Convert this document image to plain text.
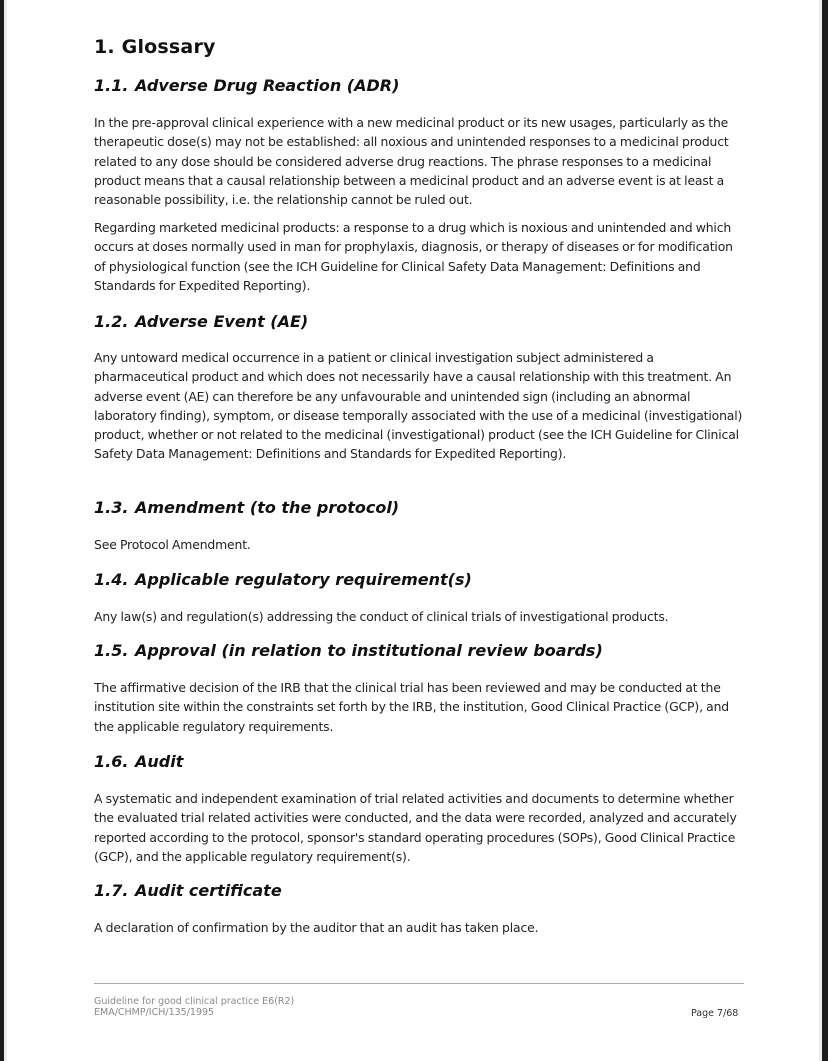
1. Glossary
1.1. Adverse Drug Reaction (ADR)
In the pre-approval clinical experience with a new medicinal product or its new usages, particularly as the therapeutic dose(s) may not be established: all noxious and unintended responses to a medicinal product related to any dose should be considered adverse drug reactions. The phrase responses to a medicinal product means that a causal relationship between a medicinal product and an adverse event is at least a reasonable possibility, i.e. the relationship cannot be ruled out.
Regarding marketed medicinal products: a response to a drug which is noxious and unintended and which occurs at doses normally used in man for prophylaxis, diagnosis, or therapy of diseases or for modification of physiological function (see the ICH Guideline for Clinical Safety Data Management: Definitions and Standards for Expedited Reporting).
1.2. Adverse Event (AE)
Any untoward medical occurrence in a patient or clinical investigation subject administered a pharmaceutical product and which does not necessarily have a causal relationship with this treatment. An adverse event (AE) can therefore be any unfavourable and unintended sign (including an abnormal laboratory finding), symptom, or disease temporally associated with the use of a medicinal (investigational) product, whether or not related to the medicinal (investigational) product (see the ICH Guideline for Clinical Safety Data Management: Definitions and Standards for Expedited Reporting).
1.3. Amendment (to the protocol)
See Protocol Amendment.
1.4. Applicable regulatory requirement(s)
Any law(s) and regulation(s) addressing the conduct of clinical trials of investigational products.
1.5. Approval (in relation to institutional review boards)
The affirmative decision of the IRB that the clinical trial has been reviewed and may be conducted at the institution site within the constraints set forth by the IRB, the institution, Good Clinical Practice (GCP), and the applicable regulatory requirements.
1.6. Audit
A systematic and independent examination of trial related activities and documents to determine whether the evaluated trial related activities were conducted, and the data were recorded, analyzed and accurately reported according to the protocol, sponsor's standard operating procedures (SOPs), Good Clinical Practice (GCP), and the applicable regulatory requirement(s).
1.7. Audit certificate
A declaration of confirmation by the auditor that an audit has taken place.
Guideline for good clinical practice E6(R2)
EMA/CHMP/ICH/135/1995	Page 7/68
